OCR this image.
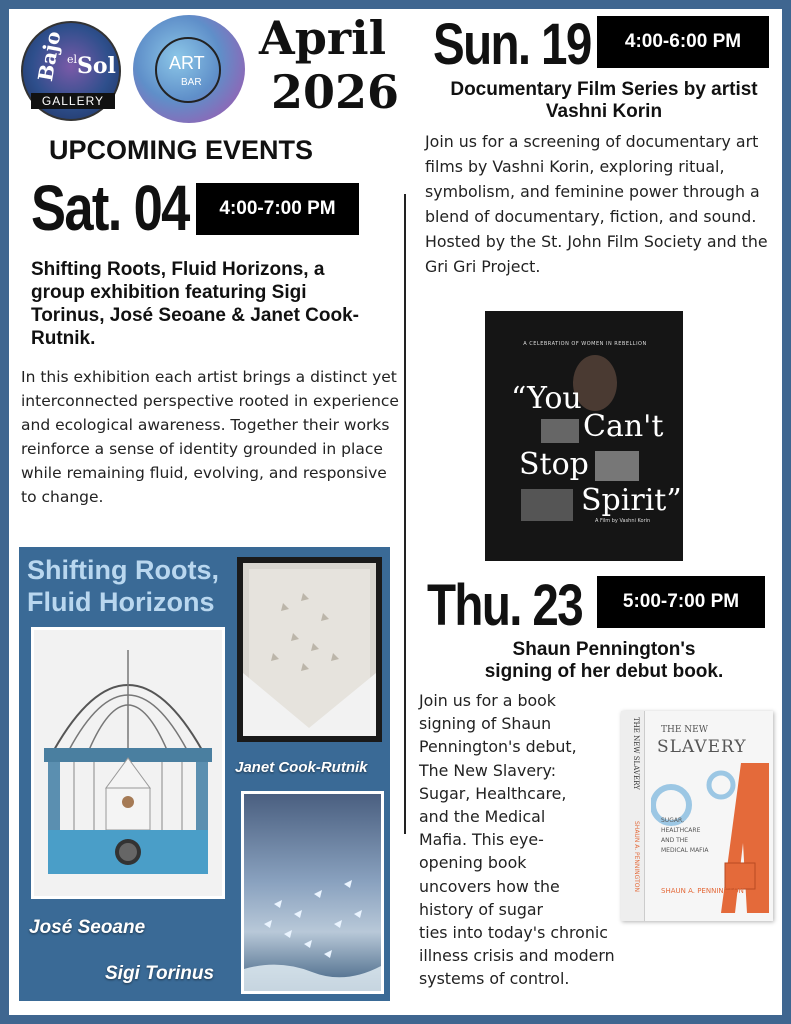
Bajo el Sol
GALLERY
ART
BAR
April
2026
UPCOMING EVENTS
Sat. 04	4:00-7:00 PM
Shifting Roots, Fluid Horizons, a group exhibition featuring Sigi Torinus, José Seoane & Janet Cook-Rutnik.
In this exhibition each artist brings a distinct yet interconnected perspective rooted in experience and ecological awareness. Together their works reinforce a sense of identity grounded in place while remaining fluid, evolving, and responsive to change.
Shifting Roots,
Fluid Horizons
Janet Cook-Rutnik
José Seoane
Sigi Torinus
Sun. 19	4:00-6:00 PM
Documentary Film Series by artist Vashni Korin
Join us for a screening of documentary art films by Vashni Korin, exploring ritual, symbolism, and feminine power through a blend of documentary, fiction, and sound. Hosted by the St. John Film Society and the Gri Gri Project.
A CELEBRATION OF WOMEN IN REBELLION
“You
Can't
Stop
Spirit”
A Film by Vashni Korin
Thu. 23	5:00-7:00 PM
Shaun Pennington's
signing of her debut book.
Join us for a book
signing of Shaun
Pennington's debut,
The New Slavery:
Sugar, Healthcare,
and the Medical
Mafia. This eye-
opening book
uncovers how the
history of sugar
ties into today's chronic
illness crisis and modern
systems of control.
THE NEW SLAVERY
SHAUN A. PENNINGTON
THE NEW
SLAVERY
SUGAR,
HEALTHCARE
AND THE
MEDICAL MAFIA
SHAUN A. PENNINGTON
